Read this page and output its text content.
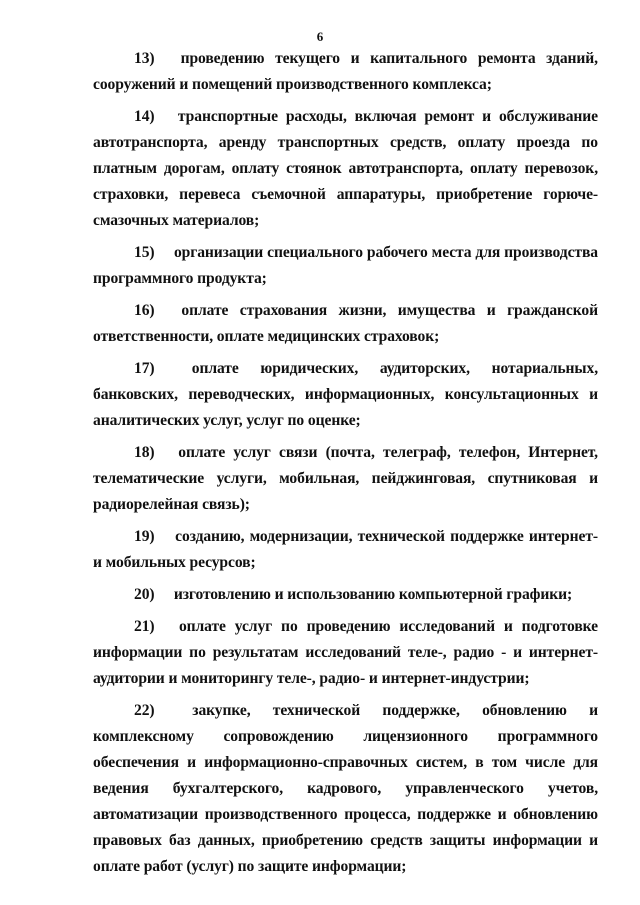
6

13) проведению текущего и капитального ремонта зданий, сооружений и помещений производственного комплекса;

14) транспортные расходы, включая ремонт и обслуживание автотранспорта, аренду транспортных средств, оплату проезда по платным дорогам, оплату стоянок автотранспорта, оплату перевозок, страховки, перевеса съемочной аппаратуры, приобретение горюче-смазочных материалов;

15) организации специального рабочего места для производства программного продукта;

16) оплате страхования жизни, имущества и гражданской ответственности, оплате медицинских страховок;

17) оплате юридических, аудиторских, нотариальных, банковских, переводческих, информационных, консультационных и аналитических услуг, услуг по оценке;

18) оплате услуг связи (почта, телеграф, телефон, Интернет, телематические услуги, мобильная, пейджинговая, спутниковая и радиорелейная связь);

19) созданию, модернизации, технической поддержке интернет- и мобильных ресурсов;

20) изготовлению и использованию компьютерной графики;

21) оплате услуг по проведению исследований и подготовке информации по результатам исследований теле-, радио - и интернет-аудитории и мониторингу теле-, радио- и интернет-индустрии;

22) закупке, технической поддержке, обновлению и комплексному сопровождению лицензионного программного обеспечения и информационно-справочных систем, в том числе для ведения бухгалтерского, кадрового, управленческого учетов, автоматизации производственного процесса, поддержке и обновлению правовых баз данных, приобретению средств защиты информации и оплате работ (услуг) по защите информации;
